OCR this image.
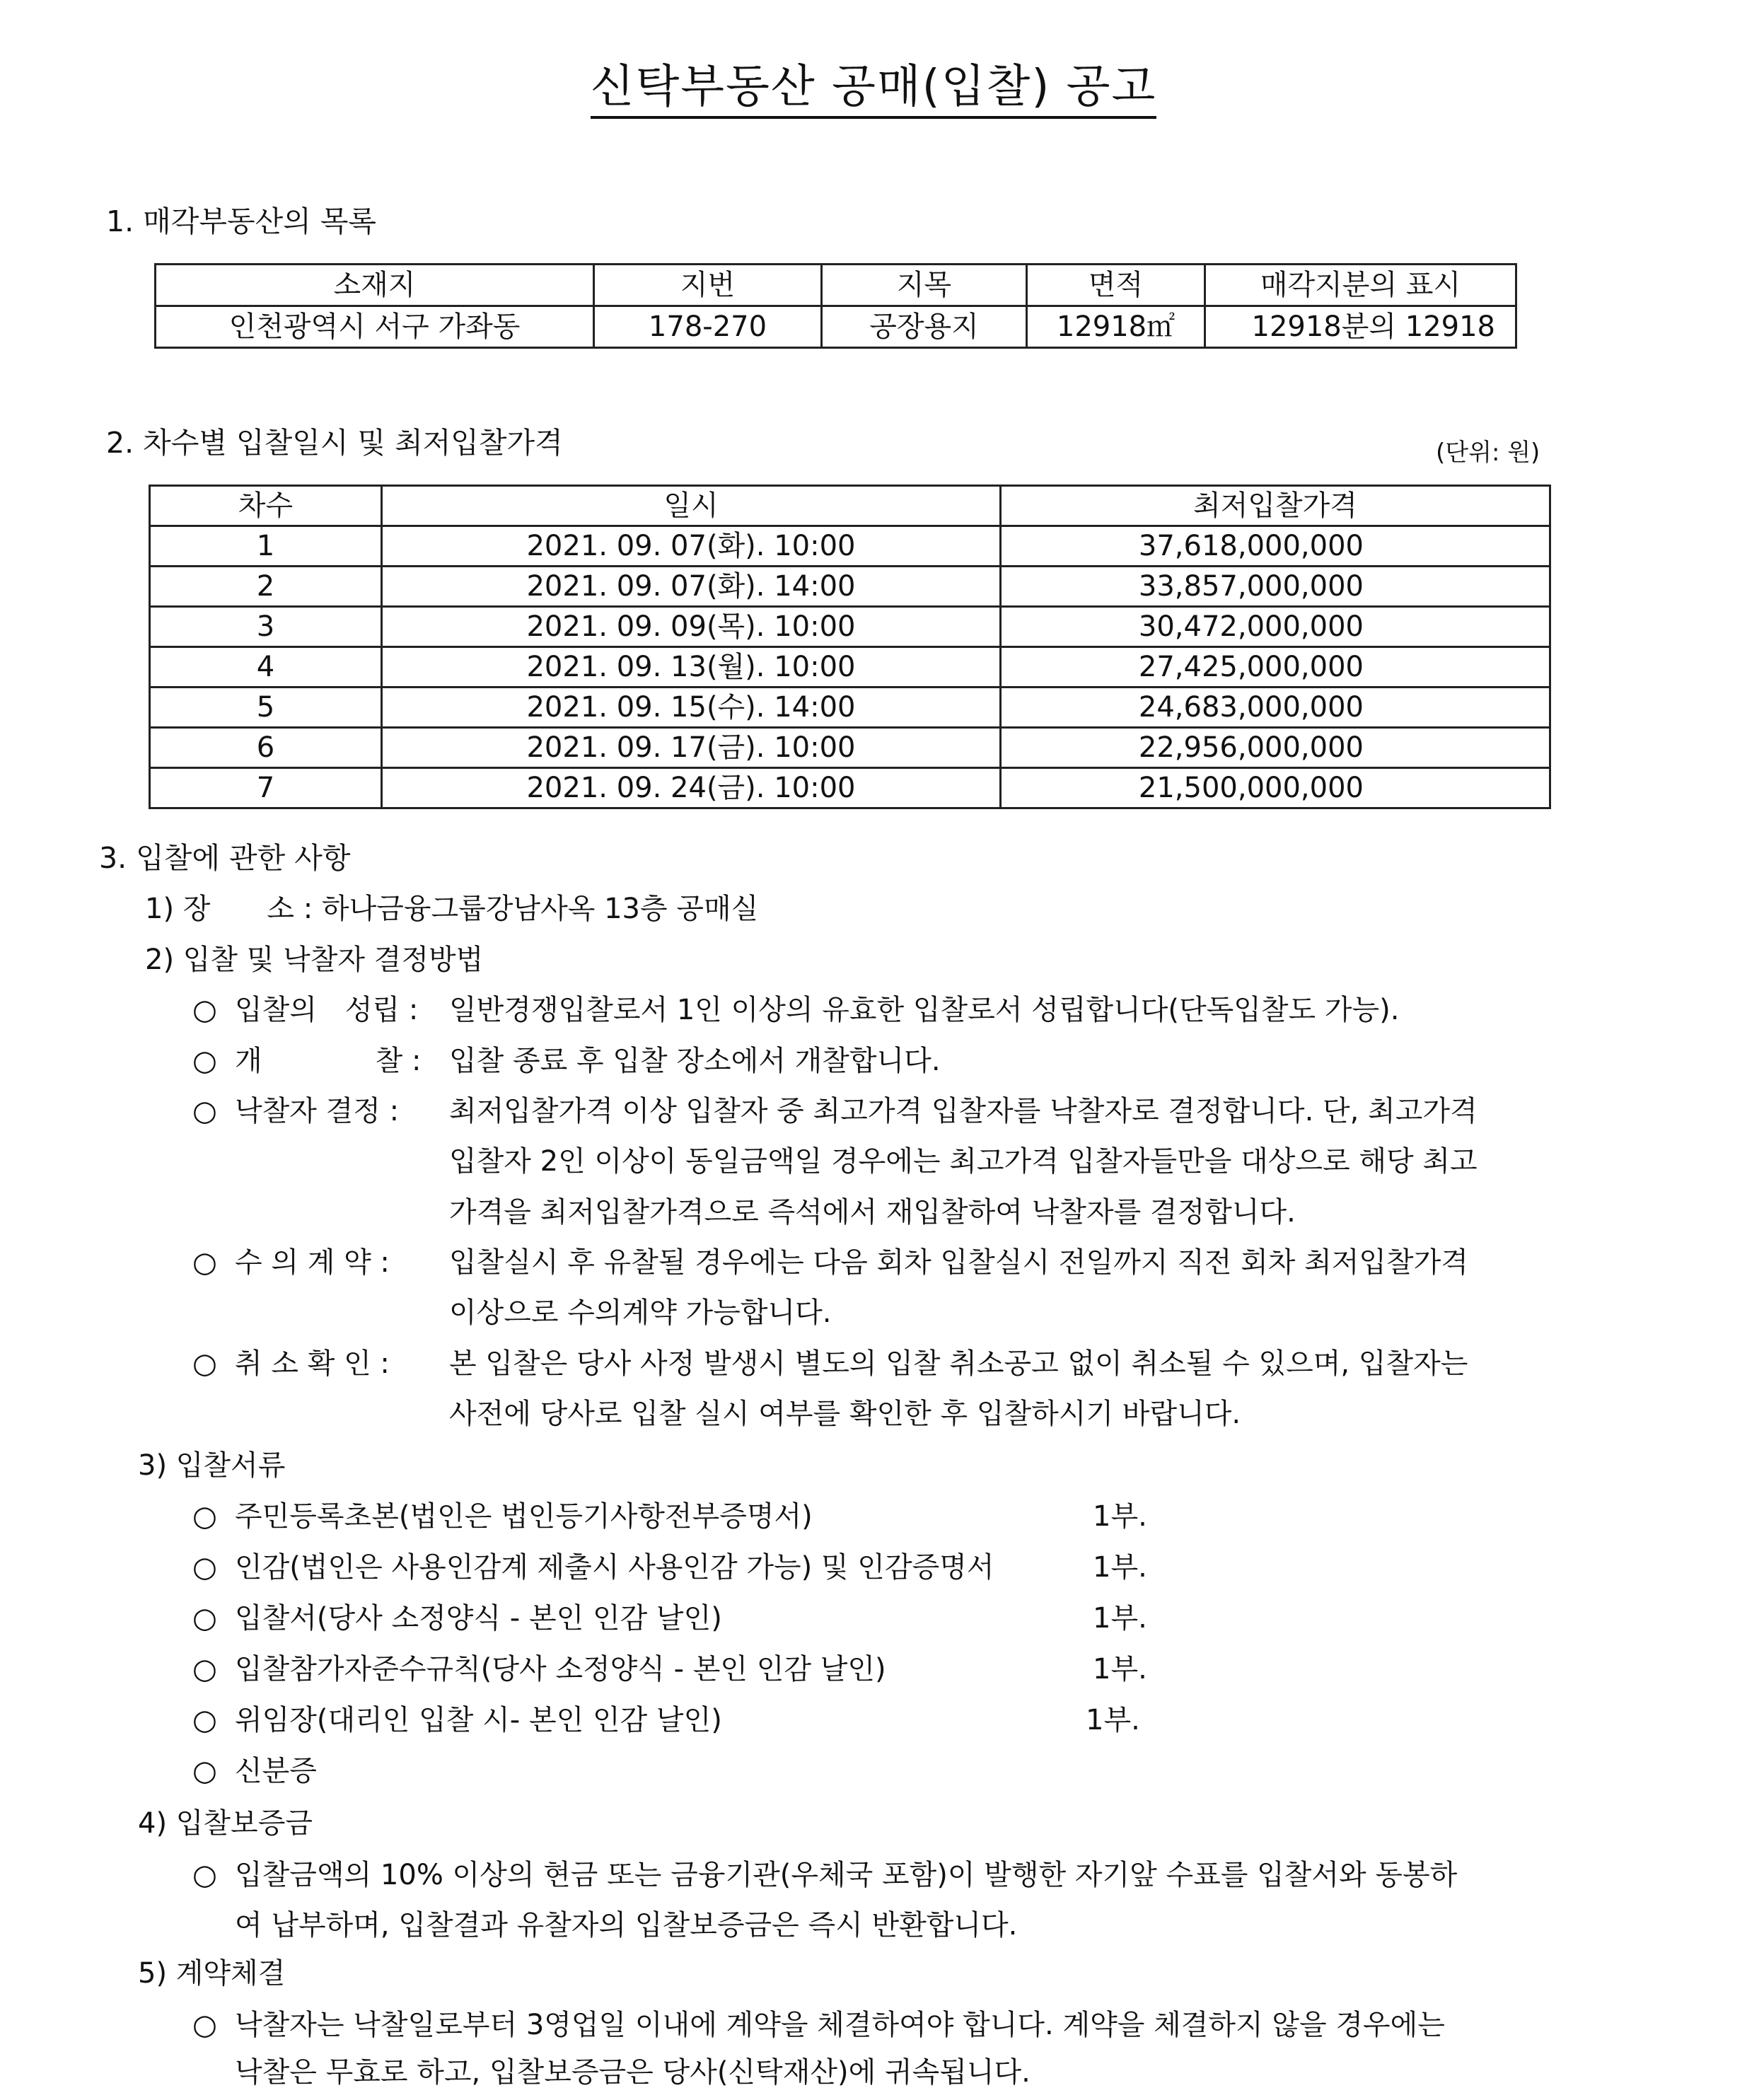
신탁부동산 공매(입찰) 공고
1. 매각부동산의 목록
소재지	지번	지목	면적	매각지분의 표시
인천광역시 서구 가좌동	178-270	공장용지	12918㎡	12918분의 12918
2. 차수별 입찰일시 및 최저입찰가격	(단위: 원)
차수	일시	최저입찰가격
1	2021. 09. 07(화). 10:00	37,618,000,000
2	2021. 09. 07(화). 14:00	33,857,000,000
3	2021. 09. 09(목). 10:00	30,472,000,000
4	2021. 09. 13(월). 10:00	27,425,000,000
5	2021. 09. 15(수). 14:00	24,683,000,000
6	2021. 09. 17(금). 10:00	22,956,000,000
7	2021. 09. 24(금). 10:00	21,500,000,000
3. 입찰에 관한 사항
1) 장　　소 : 하나금융그룹강남사옥 13층 공매실
2) 입찰 및 낙찰자 결정방법
○ 입찰의　성립 : 일반경쟁입찰로서 1인 이상의 유효한 입찰로서 성립합니다(단독입찰도 가능).
○ 개　　　　찰 : 입찰 종료 후 입찰 장소에서 개찰합니다.
○ 낙찰자 결정 : 최저입찰가격 이상 입찰자 중 최고가격 입찰자를 낙찰자로 결정합니다. 단, 최고가격
입찰자 2인 이상이 동일금액일 경우에는 최고가격 입찰자들만을 대상으로 해당 최고
가격을 최저입찰가격으로 즉석에서 재입찰하여 낙찰자를 결정합니다.
○ 수 의 계 약 : 입찰실시 후 유찰될 경우에는 다음 회차 입찰실시 전일까지 직전 회차 최저입찰가격
이상으로 수의계약 가능합니다.
○ 취 소 확 인 : 본 입찰은 당사 사정 발생시 별도의 입찰 취소공고 없이 취소될 수 있으며, 입찰자는
사전에 당사로 입찰 실시 여부를 확인한 후 입찰하시기 바랍니다.
3) 입찰서류
○ 주민등록초본(법인은 법인등기사항전부증명서)	1부.
○ 인감(법인은 사용인감계 제출시 사용인감 가능) 및 인감증명서	1부.
○ 입찰서(당사 소정양식 - 본인 인감 날인)	1부.
○ 입찰참가자준수규칙(당사 소정양식 - 본인 인감 날인)	1부.
○ 위임장(대리인 입찰 시- 본인 인감 날인)	1부.
○ 신분증
4) 입찰보증금
○ 입찰금액의 10% 이상의 현금 또는 금융기관(우체국 포함)이 발행한 자기앞 수표를 입찰서와 동봉하
여 납부하며, 입찰결과 유찰자의 입찰보증금은 즉시 반환합니다.
5) 계약체결
○ 낙찰자는 낙찰일로부터 3영업일 이내에 계약을 체결하여야 합니다. 계약을 체결하지 않을 경우에는
낙찰은 무효로 하고, 입찰보증금은 당사(신탁재산)에 귀속됩니다.
